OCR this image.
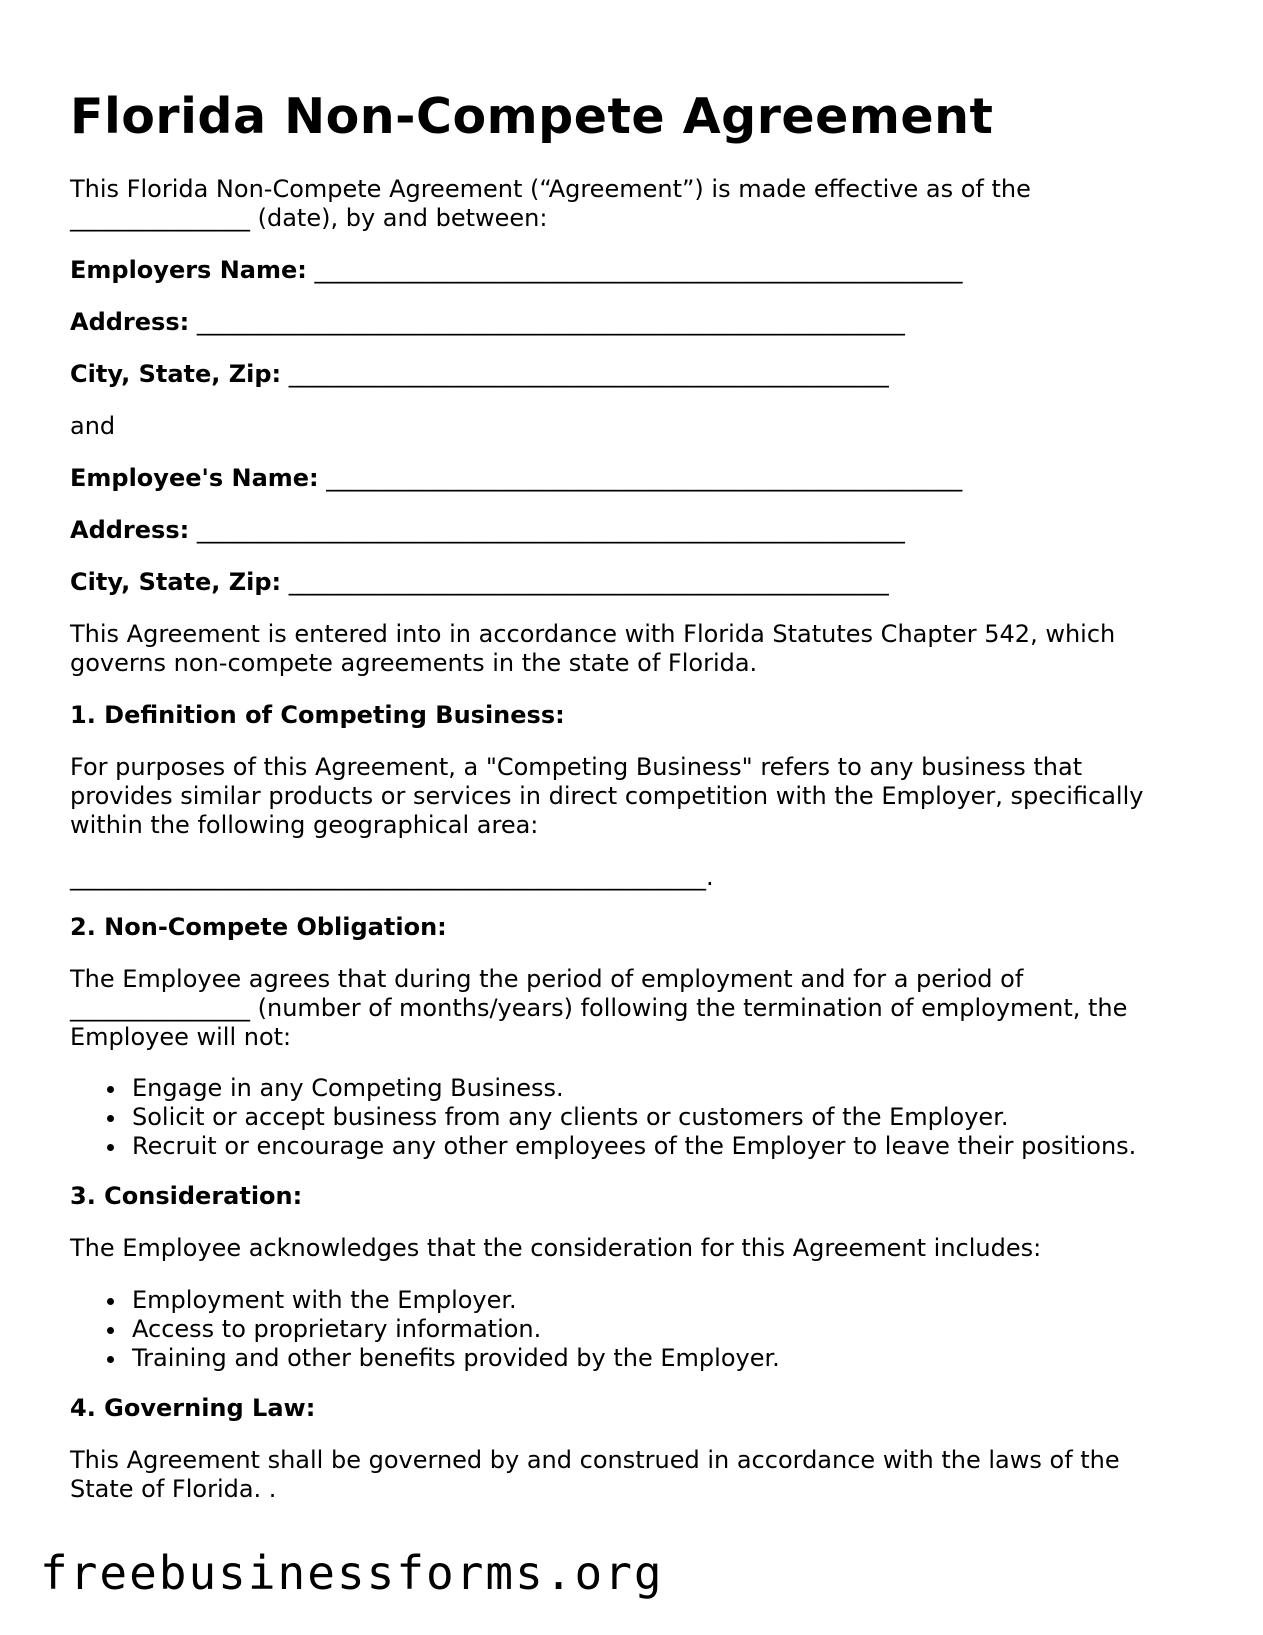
Florida Non-Compete Agreement

This Florida Non-Compete Agreement (“Agreement”) is made effective as of the
_______________ (date), by and between:

Employers Name: ______________________________________________________

Address: ___________________________________________________________

City, State, Zip: __________________________________________________

and

Employee's Name: _____________________________________________________

Address: ___________________________________________________________

City, State, Zip: __________________________________________________

This Agreement is entered into in accordance with Florida Statutes Chapter 542, which
governs non-compete agreements in the state of Florida.

1. Definition of Competing Business:

For purposes of this Agreement, a "Competing Business" refers to any business that
provides similar products or services in direct competition with the Employer, specifically
within the following geographical area:

_____________________________________________________.

2. Non-Compete Obligation:

The Employee agrees that during the period of employment and for a period of
_______________ (number of months/years) following the termination of employment, the
Employee will not:

Engage in any Competing Business.
Solicit or accept business from any clients or customers of the Employer.
Recruit or encourage any other employees of the Employer to leave their positions.

3. Consideration:

The Employee acknowledges that the consideration for this Agreement includes:

Employment with the Employer.
Access to proprietary information.
Training and other benefits provided by the Employer.

4. Governing Law:

This Agreement shall be governed by and construed in accordance with the laws of the
State of Florida. .

freebusinessforms.org
